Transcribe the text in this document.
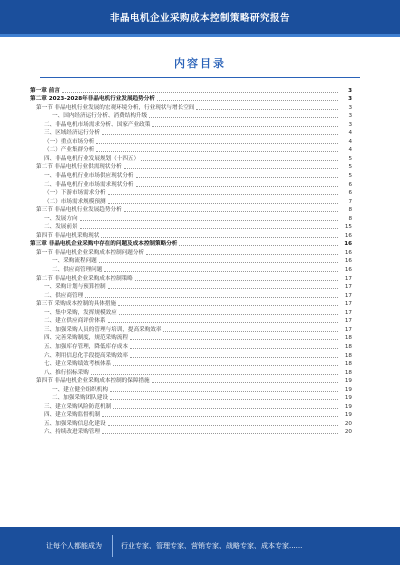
非晶电机企业采购成本控制策略研究报告
内容目录
第一章 前言	3
第二章 2023-2028年非晶电机行业发展趋势分析	3
第一节 非晶电机行业发展的宏观环境分析，行业现状与增长空间	3
一、国内经济运行分析、消费结构升级	3
二、非晶电机市场需求分析、国家产业政策	3
三、区域经济运行分析	4
（一）重点市场分析	4
（二）产业集群分析	4
四、非晶电机行业发展规划（十四五）	5
第二节 非晶电机行业供需现状分析	5
一、非晶电机行业市场供应现状分析	5
二、非晶电机行业市场需求现状分析	6
（一）下游市场需求分析	6
（二）市场需求规模预测	7
第三节 非晶电机行业发展趋势分析	8
一、发展方向	8
二、发展前景	15
第四节 非晶电机采购现状	16
第三章 非晶电机企业采购中存在的问题及成本控制策略分析	16
第一节 非晶电机企业采购成本控制问题分析	16
一、采购流程问题	16
二、供应商管理问题	16
第二节 非晶电机企业采购成本控制策略	17
一、采购计划与预算控制	17
二、供应商管理	17
第三节 采购成本控制的具体措施	17
一、集中采购，发挥规模效应	17
二、建立供应商评价体系	17
三、加强采购人员的管理与培训，提高采购效率	17
四、完善采购制度，规范采购流程	18
五、加强库存管理，降低库存成本	18
六、利用信息化手段提高采购效率	18
七、建立采购绩效考核体系	18
八、推行招标采购	18
第四节 非晶电机企业采购成本控制的保障措施	19
一、建立健全组织机构	19
二、加强采购团队建设	19
三、建立采购风险防范机制	19
四、建立采购监督机制	19
五、加强采购信息化建设	20
六、持续改进采购管理	20
让每个人都能成为	行业专家、管理专家、营销专家、战略专家、成本专家......
